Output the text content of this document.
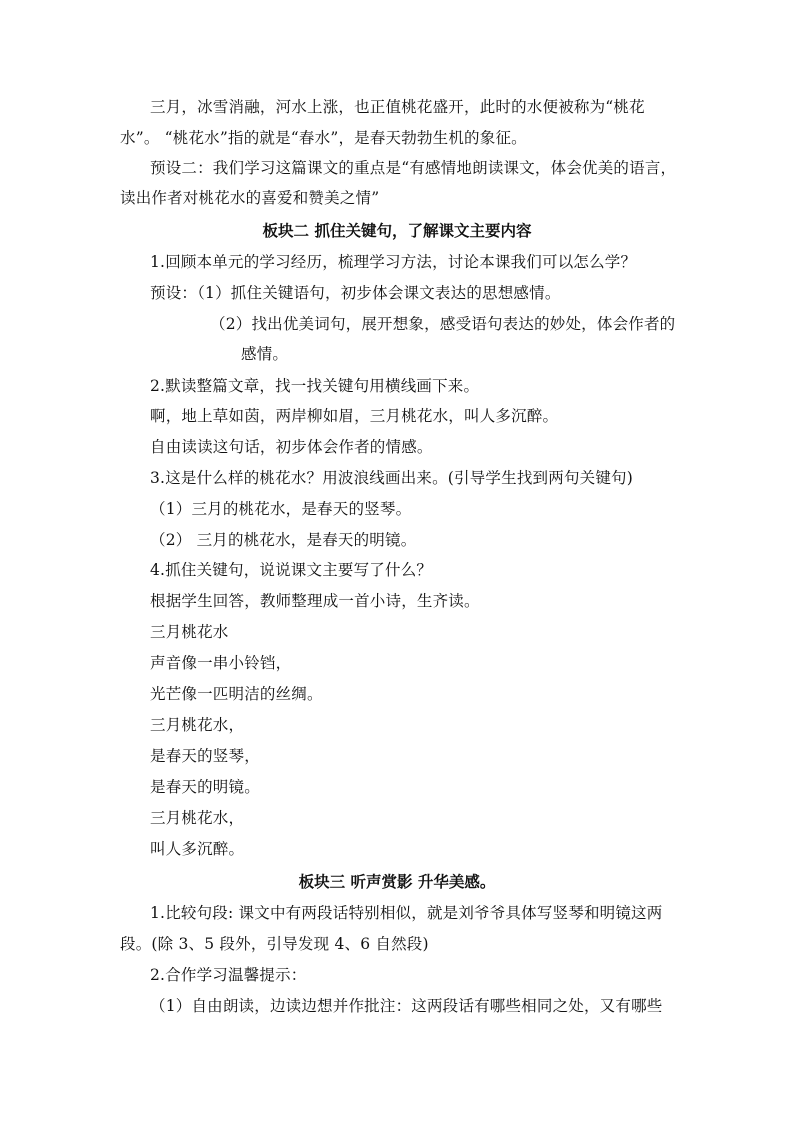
三月，冰雪消融，河水上涨，也正值桃花盛开，此时的水便被称为“桃花
水”。 “桃花水”指的就是“春水”，是春天勃勃生机的象征。
预设二：我们学习这篇课文的重点是“有感情地朗读课文，体会优美的语言，
读出作者对桃花水的喜爱和赞美之情”
板块二 抓住关键句，了解课文主要内容
1.回顾本单元的学习经历，梳理学习方法，讨论本课我们可以怎么学？
预设：（1）抓住关键语句，初步体会课文表达的思想感情。
（2）找出优美词句，展开想象，感受语句表达的妙处，体会作者的
感情。
2.默读整篇文章，找一找关键句用横线画下来。
啊，地上草如茵，两岸柳如眉，三月桃花水，叫人多沉醉。
自由读读这句话，初步体会作者的情感。
3.这是什么样的桃花水？用波浪线画出来。(引导学生找到两句关键句)
（1）三月的桃花水，是春天的竖琴。
（2） 三月的桃花水，是春天的明镜。
4.抓住关键句，说说课文主要写了什么？
根据学生回答，教师整理成一首小诗，生齐读。
三月桃花水
声音像一串小铃铛，
光芒像一匹明洁的丝绸。
三月桃花水，
是春天的竖琴，
是春天的明镜。
三月桃花水，
叫人多沉醉。
板块三 听声赏影 升华美感。
1.比较句段: 课文中有两段话特别相似，就是刘爷爷具体写竖琴和明镜这两
段。(除 3、5 段外，引导发现 4、6 自然段)
2.合作学习温馨提示：
（1）自由朗读，边读边想并作批注：这两段话有哪些相同之处，又有哪些
